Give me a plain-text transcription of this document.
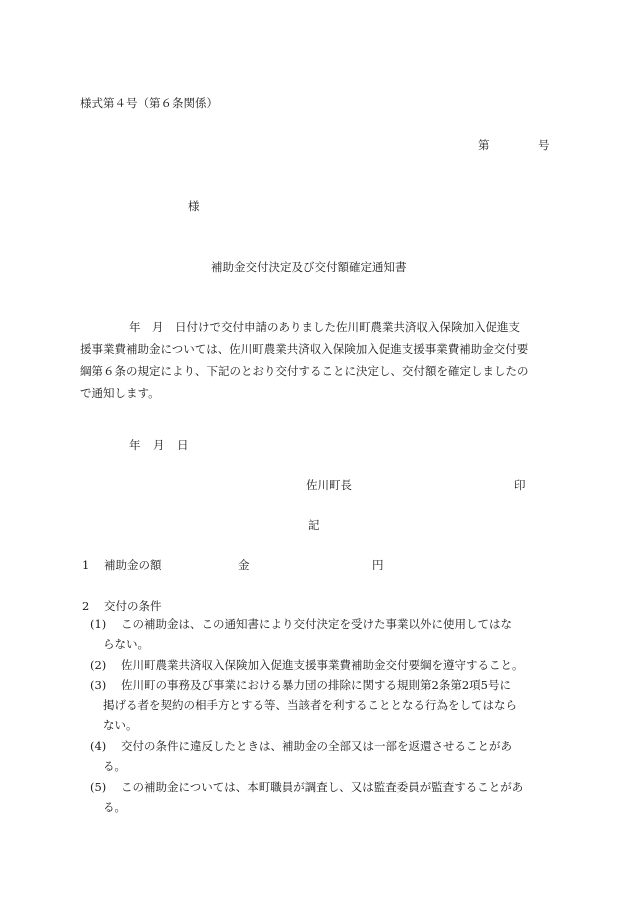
様式第４号（第６条関係）
第	号
様
補助金交付決定及び交付額確定通知書
年　月　日付けで交付申請のありました佐川町農業共済収入保険加入促進支
援事業費補助金については、佐川町農業共済収入保険加入促進支援事業費補助金交付要
綱第６条の規定により、下記のとおり交付することに決定し、交付額を確定しましたの
で通知します。
年 月 日
佐川町長	印
記
1 補助金の額	金	円
2 交付の条件
(1) この補助金は、この通知書により交付決定を受けた事業以外に使用してはな
らない。
(2) 佐川町農業共済収入保険加入促進支援事業費補助金交付要綱を遵守すること。
(3) 佐川町の事務及び事業における暴力団の排除に関する規則第2条第2項5号に
掲げる者を契約の相手方とする等、当該者を利することとなる行為をしてはなら
ない。
(4) 交付の条件に違反したときは、補助金の全部又は一部を返還させることがあ
る。
(5) この補助金については、本町職員が調査し、又は監査委員が監査することがあ
る。
